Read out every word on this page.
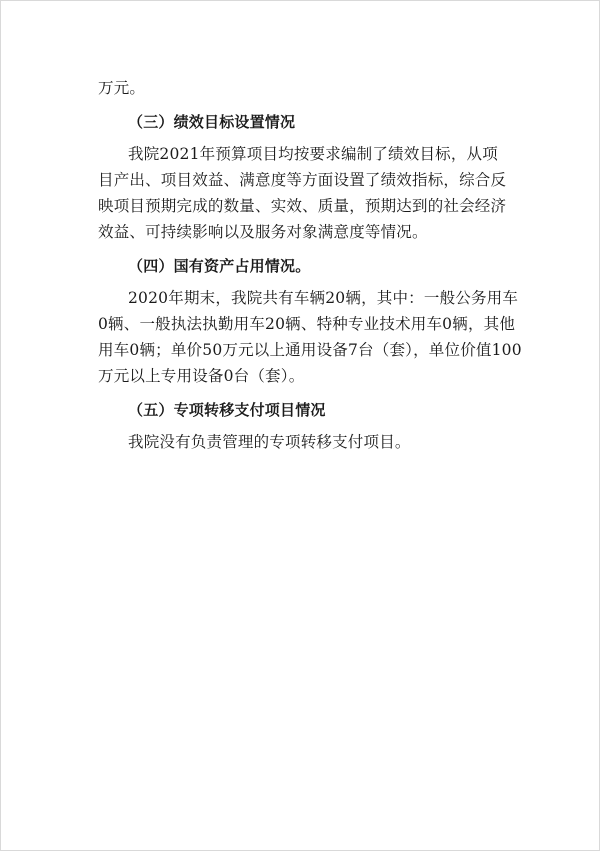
万元。
（三）绩效目标设置情况
我院2021年预算项目均按要求编制了绩效目标，从项
目产出、项目效益、满意度等方面设置了绩效指标，综合反
映项目预期完成的数量、实效、质量，预期达到的社会经济
效益、可持续影响以及服务对象满意度等情况。
（四）国有资产占用情况。
2020年期末，我院共有车辆20辆，其中：一般公务用车
0辆、一般执法执勤用车20辆、特种专业技术用车0辆，其他
用车0辆；单价50万元以上通用设备7台（套），单位价值100
万元以上专用设备0台（套）。
（五）专项转移支付项目情况
我院没有负责管理的专项转移支付项目。
